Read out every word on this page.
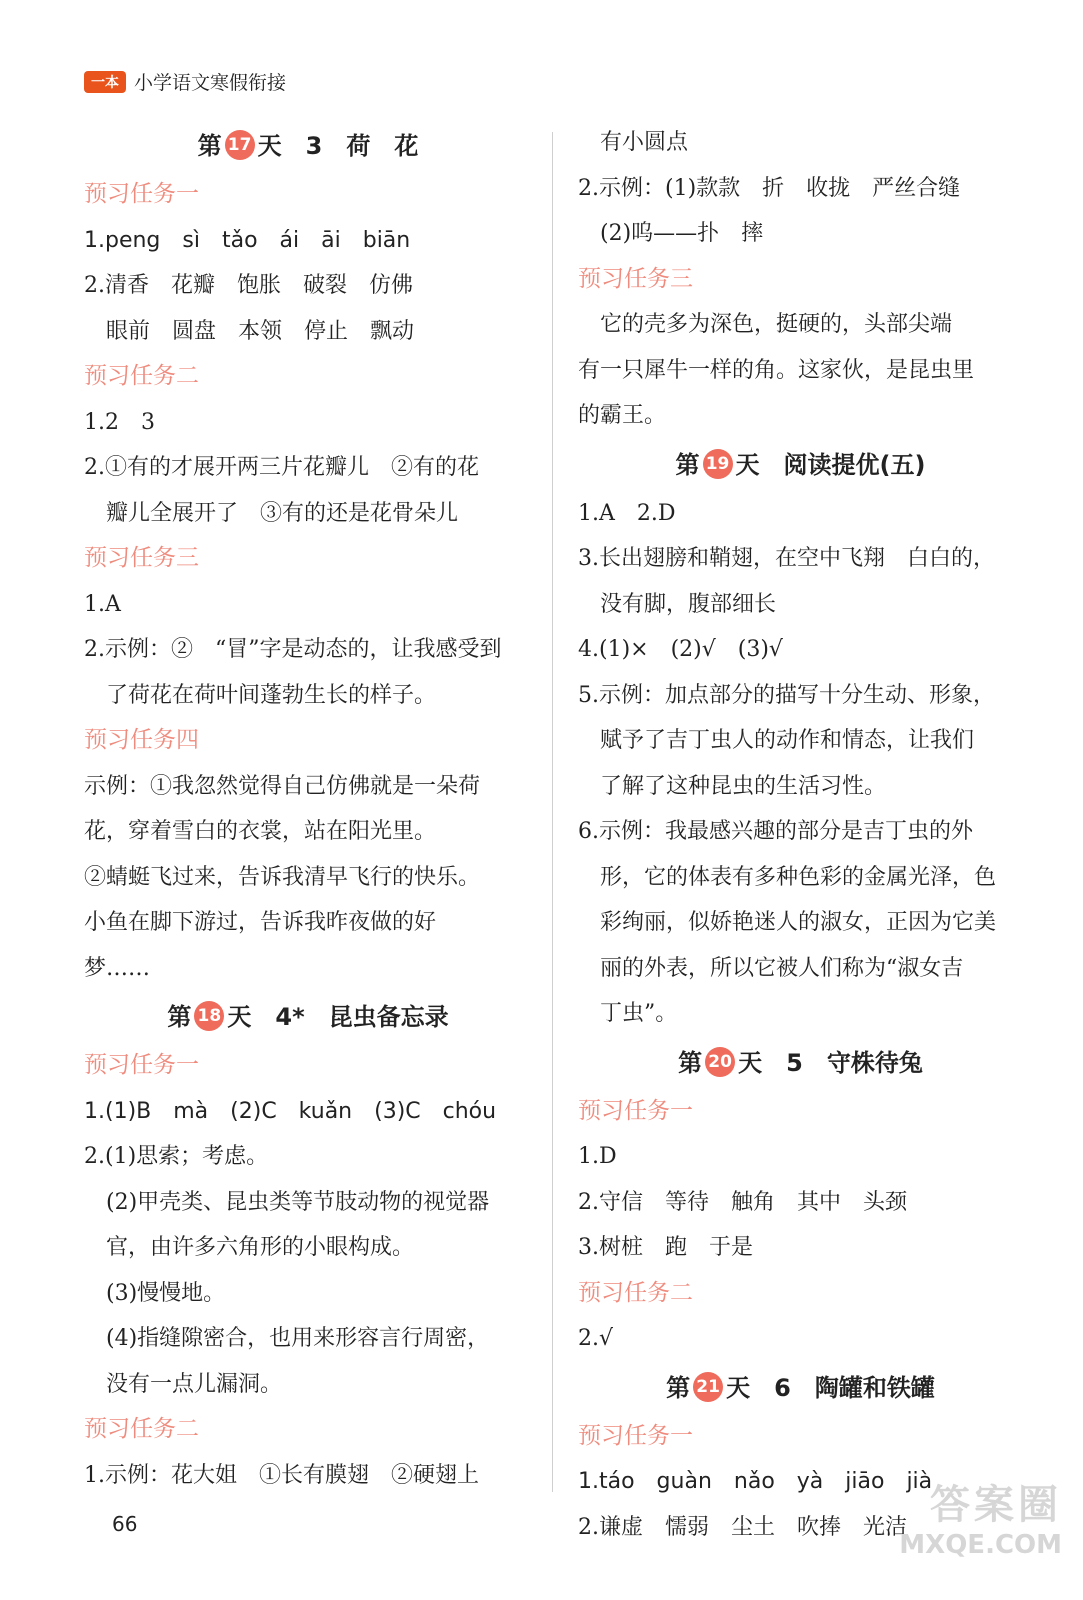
一本 小学语文寒假衔接
第 17 天　3　荷　花
预习任务一
1.peng　sì　tǎo　ái　āi　biān
2.清香　花瓣　饱胀　破裂　仿佛
眼前　圆盘　本领　停止　飘动
预习任务二
1.2　3
2.①有的才展开两三片花瓣儿　②有的花
瓣儿全展开了　③有的还是花骨朵儿
预习任务三
1.A
2.示例：②　“冒”字是动态的，让我感受到
了荷花在荷叶间蓬勃生长的样子。
预习任务四
示例：①我忽然觉得自己仿佛就是一朵荷
花，穿着雪白的衣裳，站在阳光里。
②蜻蜓飞过来，告诉我清早飞行的快乐。
小鱼在脚下游过，告诉我昨夜做的好
梦……
第 18 天　4*　昆虫备忘录
预习任务一
1.(1)B　mà　(2)C　kuǎn　(3)C　chóu
2.(1)思索；考虑。
(2)甲壳类、昆虫类等节肢动物的视觉器
官，由许多六角形的小眼构成。
(3)慢慢地。
(4)指缝隙密合，也用来形容言行周密，
没有一点儿漏洞。
预习任务二
1.示例：花大姐　①长有膜翅　②硬翅上
有小圆点
2.示例：(1)款款　折　收拢　严丝合缝
(2)呜——扑　摔
预习任务三
它的壳多为深色，挺硬的，头部尖端
有一只犀牛一样的角。这家伙，是昆虫里
的霸王。
第 19 天　阅读提优(五)
1.A　2.D
3.长出翅膀和鞘翅，在空中飞翔　白白的，
没有脚，腹部细长
4.(1)×　(2)√　(3)√
5.示例：加点部分的描写十分生动、形象，
赋予了吉丁虫人的动作和情态，让我们
了解了这种昆虫的生活习性。
6.示例：我最感兴趣的部分是吉丁虫的外
形，它的体表有多种色彩的金属光泽，色
彩绚丽，似娇艳迷人的淑女，正因为它美
丽的外表，所以它被人们称为“淑女吉
丁虫”。
第 20 天　5　守株待兔
预习任务一
1.D
2.守信　等待　触角　其中　头颈
3.树桩　跑　于是
预习任务二
2.√
第 21 天　6　陶罐和铁罐
预习任务一
1.táo　guàn　nǎo　yà　jiāo　jià
2.谦虚　懦弱　尘土　吹捧　光洁
66	答案圈
MXQE.COM
